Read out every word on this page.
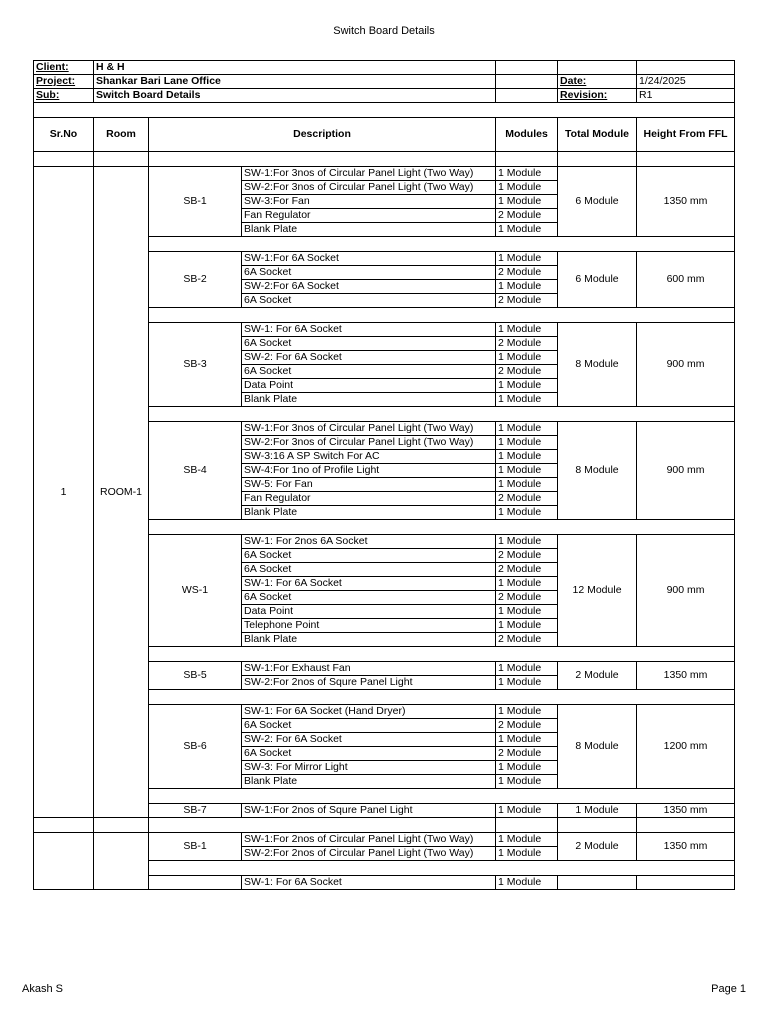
Switch Board Details
Client:	H & H					
Project:	Shankar Bari Lane Office				Date:	1/24/2025
Sub:	Switch Board Details				Revision:	R1

Sr.No	Room	Description		Modules	Total Module	Height From FFL

1	ROOM-1	SB-1	SW-1:For 3nos of Circular Panel Light (Two Way)	1 Module	6 Module	1350 mm
			SW-2:For 3nos of Circular Panel Light (Two Way)	1 Module		
			SW-3:For Fan	1 Module		
			Fan Regulator	2 Module		
			Blank Plate	1 Module		

		SB-2	SW-1:For 6A Socket	1 Module	6 Module	600 mm
			6A Socket	2 Module		
			SW-2:For 6A Socket	1 Module		
			6A Socket	2 Module		

		SB-3	SW-1: For 6A Socket	1 Module	8 Module	900 mm
			6A Socket	2 Module		
			SW-2: For 6A Socket	1 Module		
			6A Socket	2 Module		
			Data Point	1 Module		
			Blank Plate	1 Module		

		SB-4	SW-1:For 3nos of Circular Panel Light (Two Way)	1 Module	8 Module	900 mm
			SW-2:For 3nos of Circular Panel Light (Two Way)	1 Module		
			SW-3:16 A SP Switch For AC	1 Module		
			SW-4:For 1no of Profile Light	1 Module		
			SW-5: For Fan	1 Module		
			Fan Regulator	2 Module		
			Blank Plate	1 Module		

		WS-1	SW-1: For 2nos 6A Socket	1 Module	12 Module	900 mm
			6A Socket	2 Module		
			6A Socket	2 Module		
			SW-1: For 6A Socket	1 Module		
			6A Socket	2 Module		
			Data Point	1 Module		
			Telephone Point	1 Module		
			Blank Plate	2 Module		

		SB-5	SW-1:For Exhaust Fan	1 Module	2 Module	1350 mm
			SW-2:For 2nos of Squre Panel Light	1 Module		

		SB-6	SW-1: For 6A Socket (Hand Dryer)	1 Module	8 Module	1200 mm
			6A Socket	2 Module		
			SW-2: For 6A Socket	1 Module		
			6A Socket	2 Module		
			SW-3: For Mirror Light	1 Module		
			Blank Plate	1 Module		

		SB-7	SW-1:For 2nos of Squre Panel Light	1 Module	1 Module	1350 mm

		SB-1	SW-1:For 2nos of Circular Panel Light (Two Way)	1 Module	2 Module	1350 mm
			SW-2:For 2nos of Circular Panel Light (Two Way)	1 Module		

			SW-1: For 6A Socket	1 Module		
Akash S	Page 1
